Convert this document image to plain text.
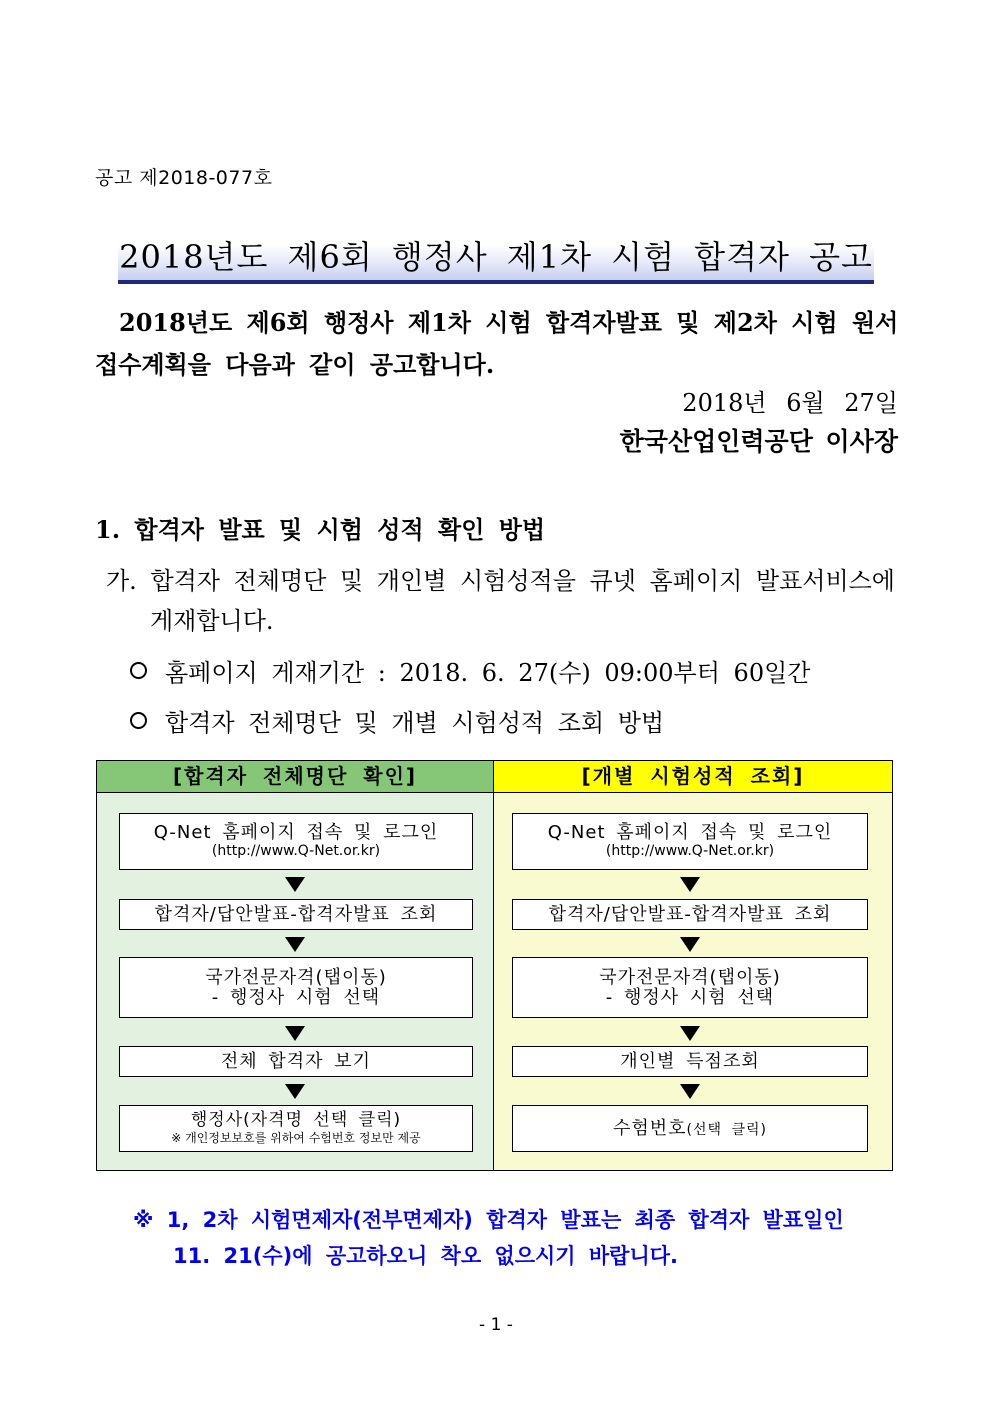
공고 제2018-077호
2018년도 제6회 행정사 제1차 시험 합격자 공고
2018년도 제6회 행정사 제1차 시험 합격자발표 및 제2차 시험 원서
접수계획을 다음과 같이 공고합니다.
2018년 6월 27일
한국산업인력공단 이사장
1. 합격자 발표 및 시험 성적 확인 방법
가. 합격자 전체명단 및 개인별 시험성적을 큐넷 홈페이지 발표서비스에
게재합니다.
홈페이지 게재기간 : 2018. 6. 27(수) 09:00부터 60일간
합격자 전체명단 및 개별 시험성적 조회 방법
[합격자 전체명단 확인]
Q-Net 홈페이지 접속 및 로그인
(http://www.Q-Net.or.kr)
합격자/답안발표-합격자발표 조회
국가전문자격(탭이동)
- 행정사 시험 선택
전체 합격자 보기
행정사(자격명 선택 클릭)
※ 개인정보보호를 위하여 수험번호 정보만 제공
[개별 시험성적 조회]
Q-Net 홈페이지 접속 및 로그인
(http://www.Q-Net.or.kr)
합격자/답안발표-합격자발표 조회
국가전문자격(탭이동)
- 행정사 시험 선택
개인별 득점조회
수험번호(선택 클릭)
※ 1, 2차 시험면제자(전부면제자) 합격자 발표는 최종 합격자 발표일인
11. 21(수)에 공고하오니 착오 없으시기 바랍니다.
- 1 -
